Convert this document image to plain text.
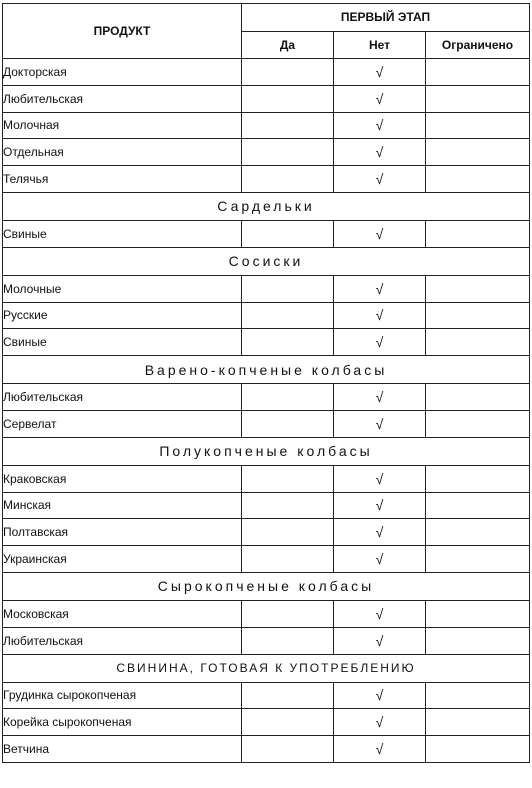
ПРОДУКТ	ПЕРВЫЙ ЭТАП		
	Да	Нет	Ограничено
Докторская		√	
Любительская		√	
Молочная		√	
Отдельная		√	
Телячья		√	
Сардельки			
Свиные		√	
Сосиски			
Молочные		√	
Русские		√	
Свиные		√	
Варено-копченые колбасы			
Любительская		√	
Сервелат		√	
Полукопченые колбасы			
Краковская		√	
Минская		√	
Полтавская		√	
Украинская		√	
Сырокопченые колбасы			
Московская		√	
Любительская		√	
СВИНИНА, ГОТОВАЯ К УПОТРЕБЛЕНИЮ			
Грудинка сырокопченая		√	
Корейка сырокопченая		√	
Ветчина		√	
